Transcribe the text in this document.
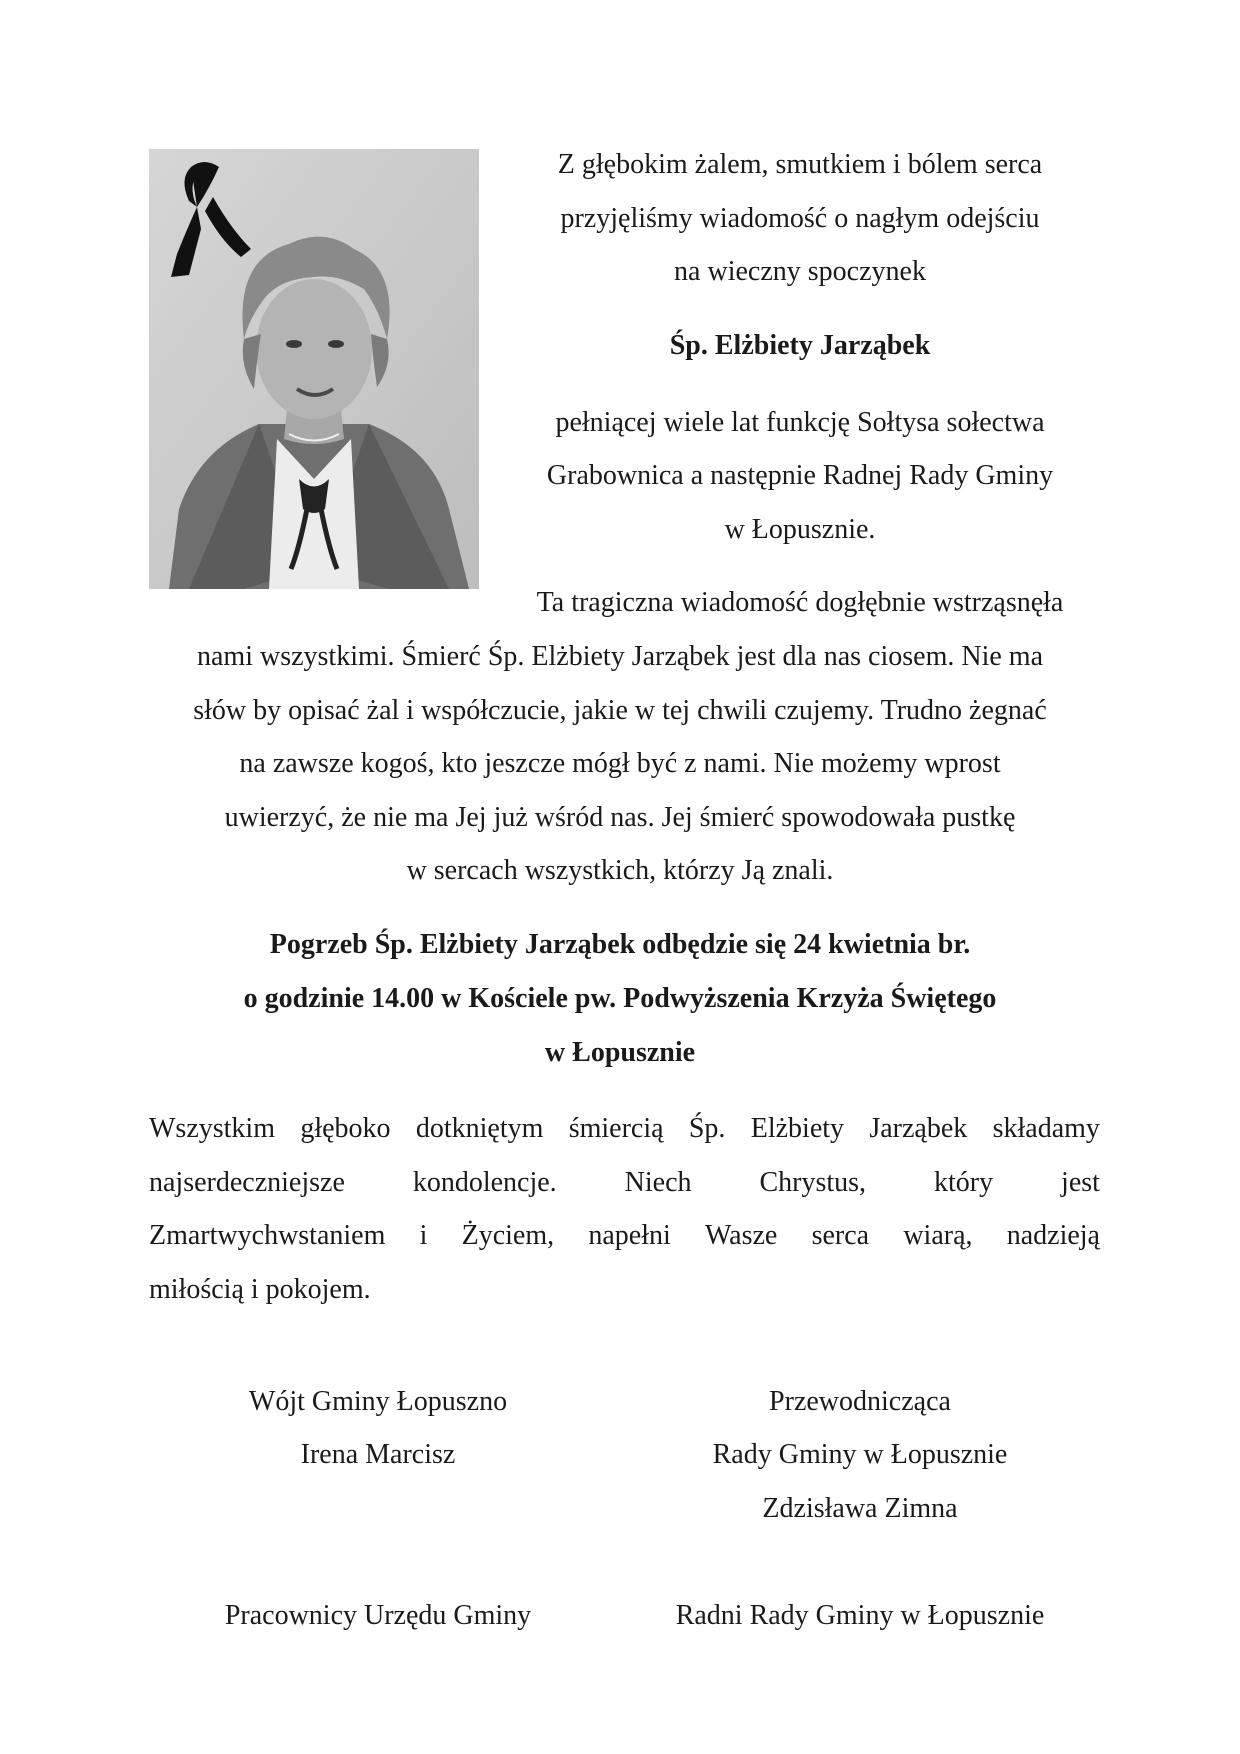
Z głębokim żalem, smutkiem i bólem serca

przyjęliśmy wiadomość o nagłym odejściu

na wieczny spoczynek

Śp. Elżbiety Jarząbek

pełniącej wiele lat funkcję Sołtysa sołectwa

Grabownica a następnie Radnej Rady Gminy

w Łopusznie.

Ta tragiczna wiadomość dogłębnie wstrząsnęła

nami wszystkimi. Śmierć Śp. Elżbiety Jarząbek jest dla nas ciosem. Nie ma

słów by opisać żal i współczucie, jakie w tej chwili czujemy. Trudno żegnać

na zawsze kogoś, kto jeszcze mógł być z nami. Nie możemy wprost

uwierzyć, że nie ma Jej już wśród nas. Jej śmierć spowodowała pustkę

w sercach wszystkich, którzy Ją znali.

Pogrzeb Śp. Elżbiety Jarząbek odbędzie się 24 kwietnia br.

o godzinie 14.00 w Kościele pw. Podwyższenia Krzyża Świętego

w Łopusznie

Wszystkim głęboko dotkniętym śmiercią Śp. Elżbiety Jarząbek składamy
najserdeczniejsze kondolencje. Niech Chrystus, który jest
Zmartwychwstaniem i Życiem, napełni Wasze serca wiarą, nadzieją

miłością i pokojem.

Wójt Gminy Łopuszno

Irena Marcisz

Przewodnicząca

Rady Gminy w Łopusznie

Zdzisława Zimna

Pracownicy Urzędu Gminy	Radni Rady Gminy w Łopusznie
